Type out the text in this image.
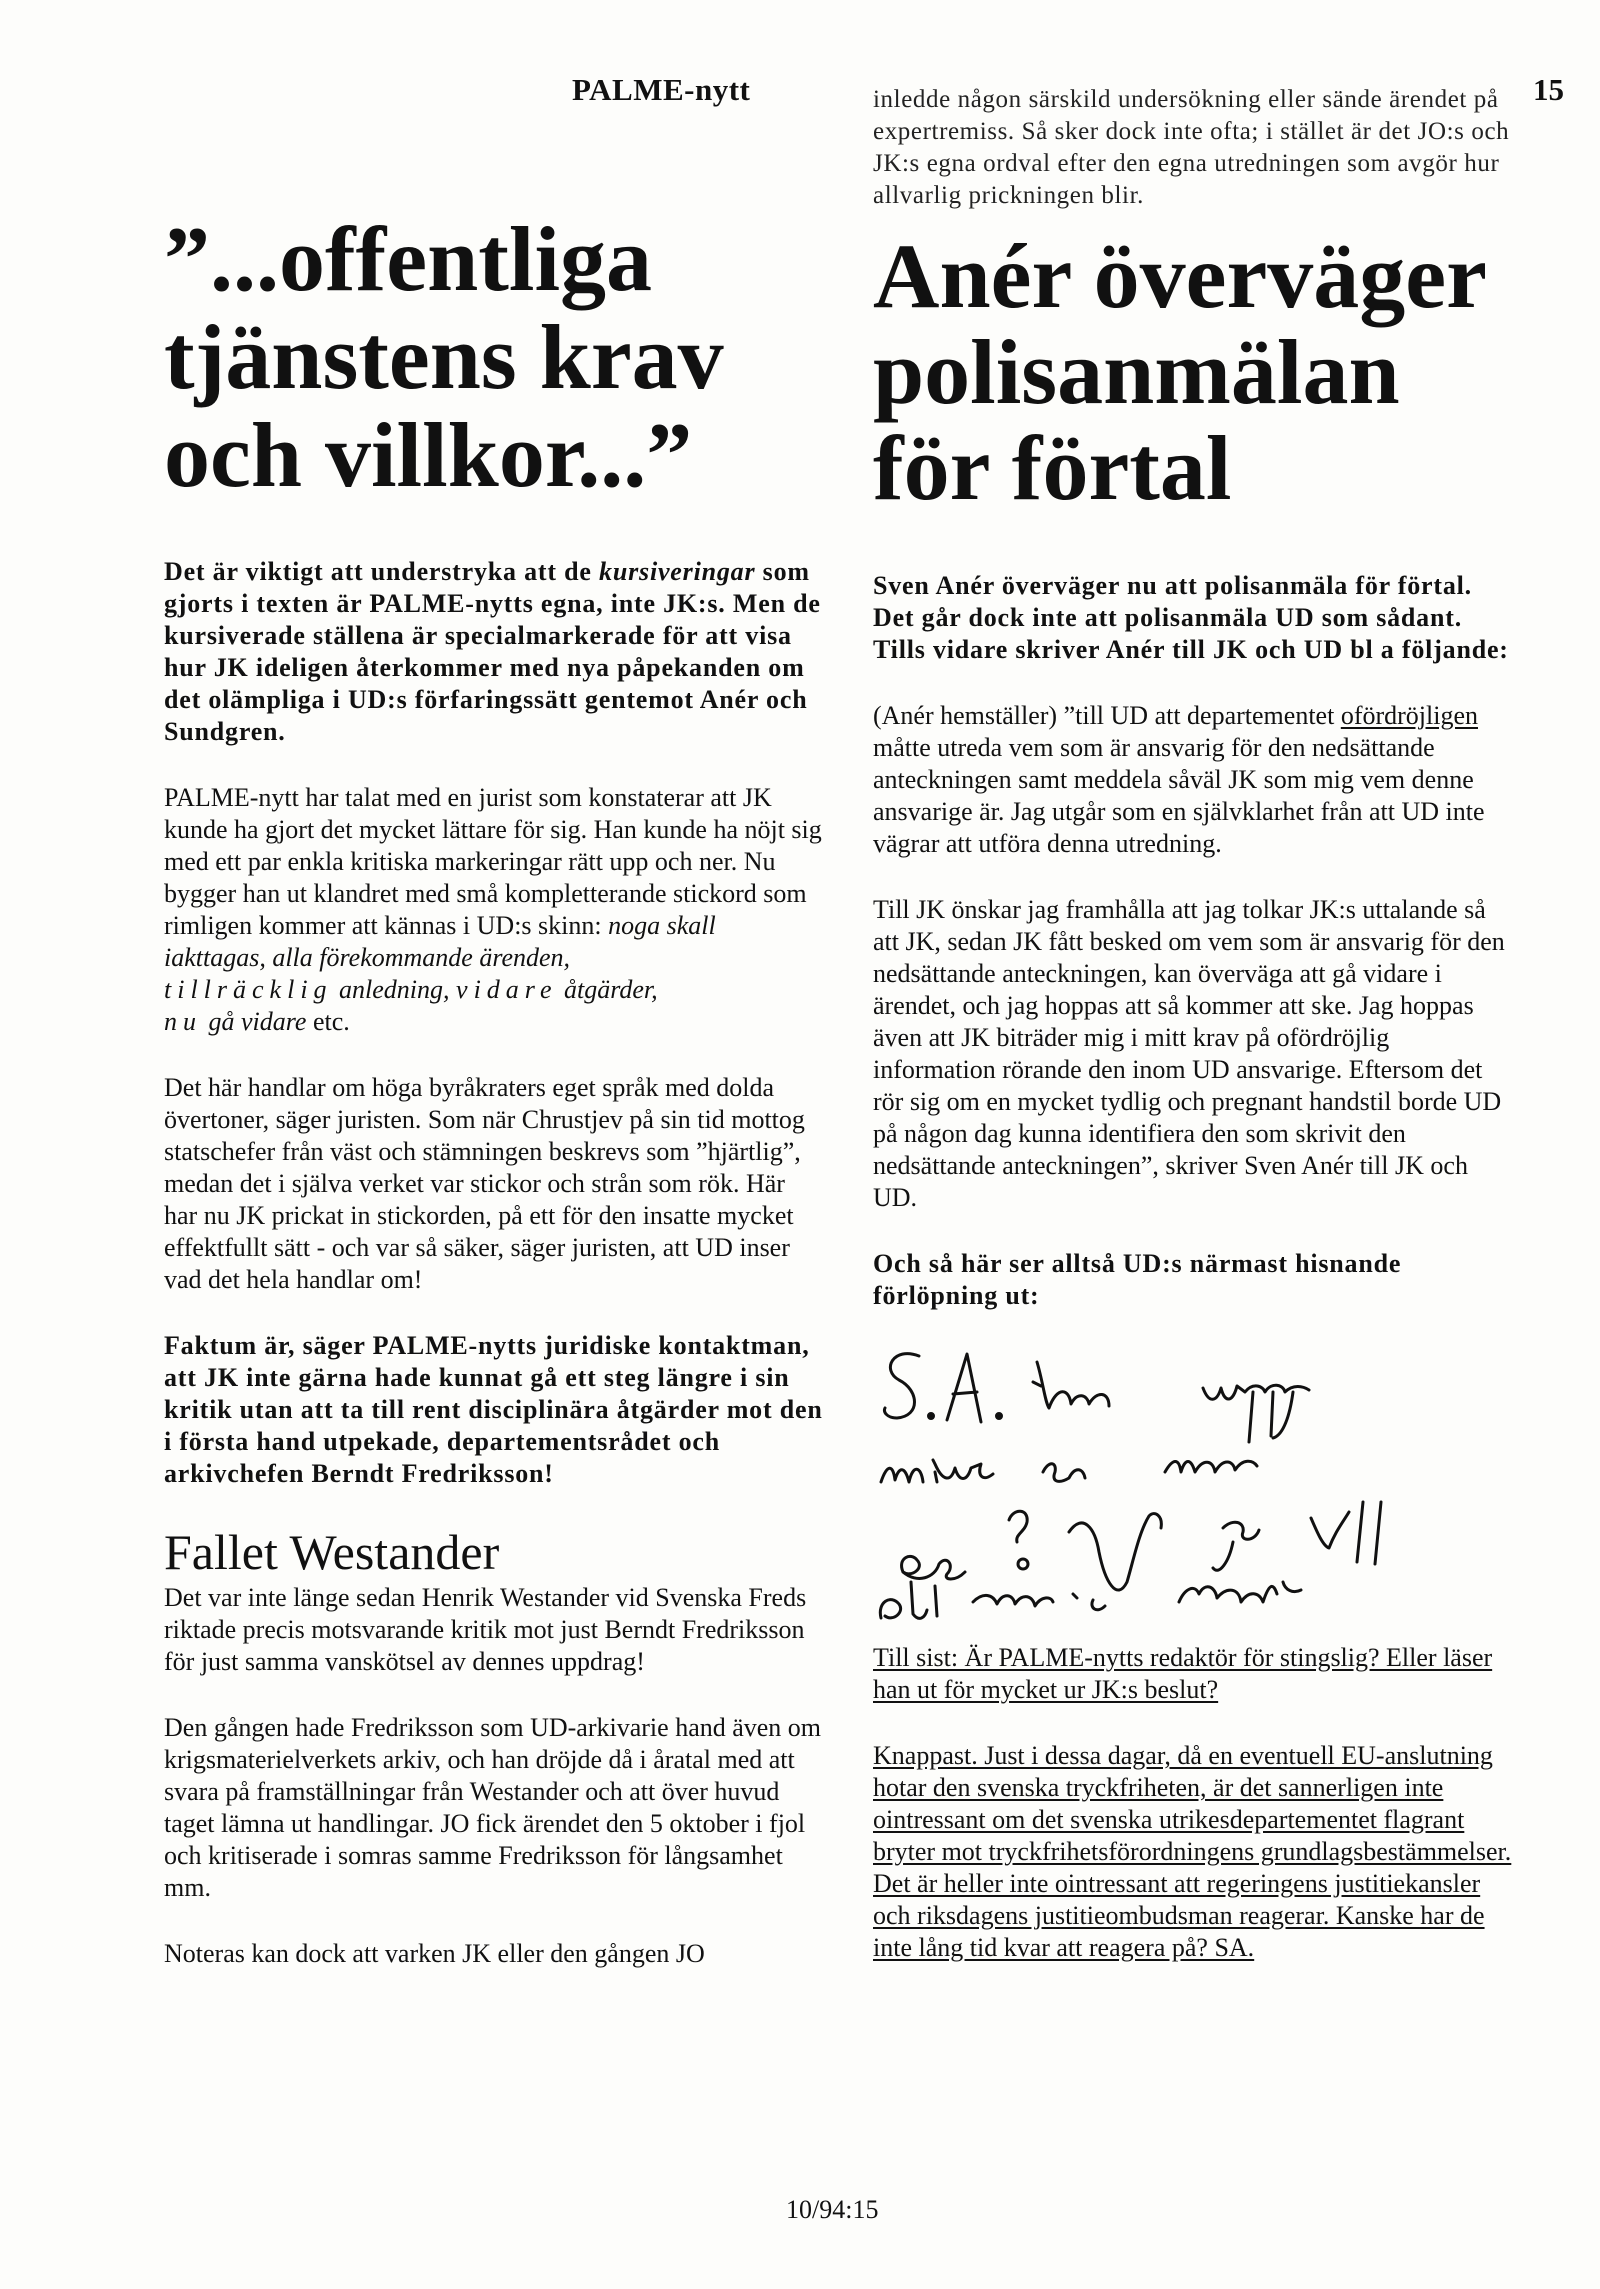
PALME-nytt	15
”...offentliga
tjänstens krav
och villkor...”

Det är viktigt att understryka att de kursiveringar som gjorts i texten är PALME-nytts egna, inte JK:s. Men de kursiverade ställena är specialmarkerade för att visa hur JK ideligen återkommer med nya påpekanden om det olämpliga i UD:s förfaringssätt gentemot Anér och Sundgren.

PALME-nytt har talat med en jurist som konstaterar att JK kunde ha gjort det mycket lättare för sig. Han kunde ha nöjt sig med ett par enkla kritiska markeringar rätt upp och ner. Nu bygger han ut klandret med små kompletterande stickord som rimligen kommer att kännas i UD:s skinn: noga skall iakttagas, alla förekommande ärenden,
tillräcklig anledning, vidare åtgärder,
nu gå vidare etc.

Det här handlar om höga byråkraters eget språk med dolda övertoner, säger juristen. Som när Chrustjev på sin tid mottog statschefer från väst och stämningen beskrevs som ”hjärtlig”, medan det i själva verket var stickor och strån som rök. Här har nu JK prickat in stickorden, på ett för den insatte mycket effektfullt sätt - och var så säker, säger juristen, att UD inser vad det hela handlar om!

Faktum är, säger PALME-nytts juridiske kontaktman, att JK inte gärna hade kunnat gå ett steg längre i sin kritik utan att ta till rent disciplinära åtgärder mot den i första hand utpekade, departementsrådet och arkivchefen Berndt Fredriksson!

Fallet Westander

Det var inte länge sedan Henrik Westander vid Svenska Freds riktade precis motsvarande kritik mot just Berndt Fredriksson för just samma vanskötsel av dennes uppdrag!

Den gången hade Fredriksson som UD-arkivarie hand även om krigsmaterielverkets arkiv, och han dröjde då i åratal med att svara på framställningar från Westander och att över huvud taget lämna ut handlingar. JO fick ärendet den 5 oktober i fjol och kritiserade i somras samme Fredriksson för långsamhet mm.

Noteras kan dock att varken JK eller den gången JO

inledde någon särskild undersökning eller sände ärendet på expertremiss. Så sker dock inte ofta; i stället är det JO:s och JK:s egna ordval efter den egna utredningen som avgör hur allvarlig prickningen blir.

Anér överväger
polisanmälan
för förtal

Sven Anér överväger nu att polisanmäla för förtal. Det går dock inte att polisanmäla UD som sådant. Tills vidare skriver Anér till JK och UD bl a följande:

(Anér hemställer) ”till UD att departementet ofördröjligen måtte utreda vem som är ansvarig för den nedsättande anteckningen samt meddela såväl JK som mig vem denne ansvarige är. Jag utgår som en självklarhet från att UD inte vägrar att utföra denna utredning.

Till JK önskar jag framhålla att jag tolkar JK:s uttalande så att JK, sedan JK fått besked om vem som är ansvarig för den nedsättande anteckningen, kan överväga att gå vidare i ärendet, och jag hoppas att så kommer att ske. Jag hoppas även att JK biträder mig i mitt krav på ofördröjlig information rörande den inom UD ansvarige. Eftersom det rör sig om en mycket tydlig och pregnant handstil borde UD på någon dag kunna identifiera den som skrivit den nedsättande anteckningen”, skriver Sven Anér till JK och UD.

Och så här ser alltså UD:s närmast hisnande förlöpning ut:

Till sist: Är PALME-nytts redaktör för stingslig? Eller läser han ut för mycket ur JK:s beslut?

Knappast. Just i dessa dagar, då en eventuell EU-anslutning hotar den svenska tryckfriheten, är det sannerligen inte ointressant om det svenska utrikesdepartementet flagrant bryter mot tryckfrihetsförordningens grundlagsbestämmelser. Det är heller inte ointressant att regeringens justitiekansler och riksdagens justitieombudsman reagerar. Kanske har de inte lång tid kvar att reagera på? SA.

10/94:15
